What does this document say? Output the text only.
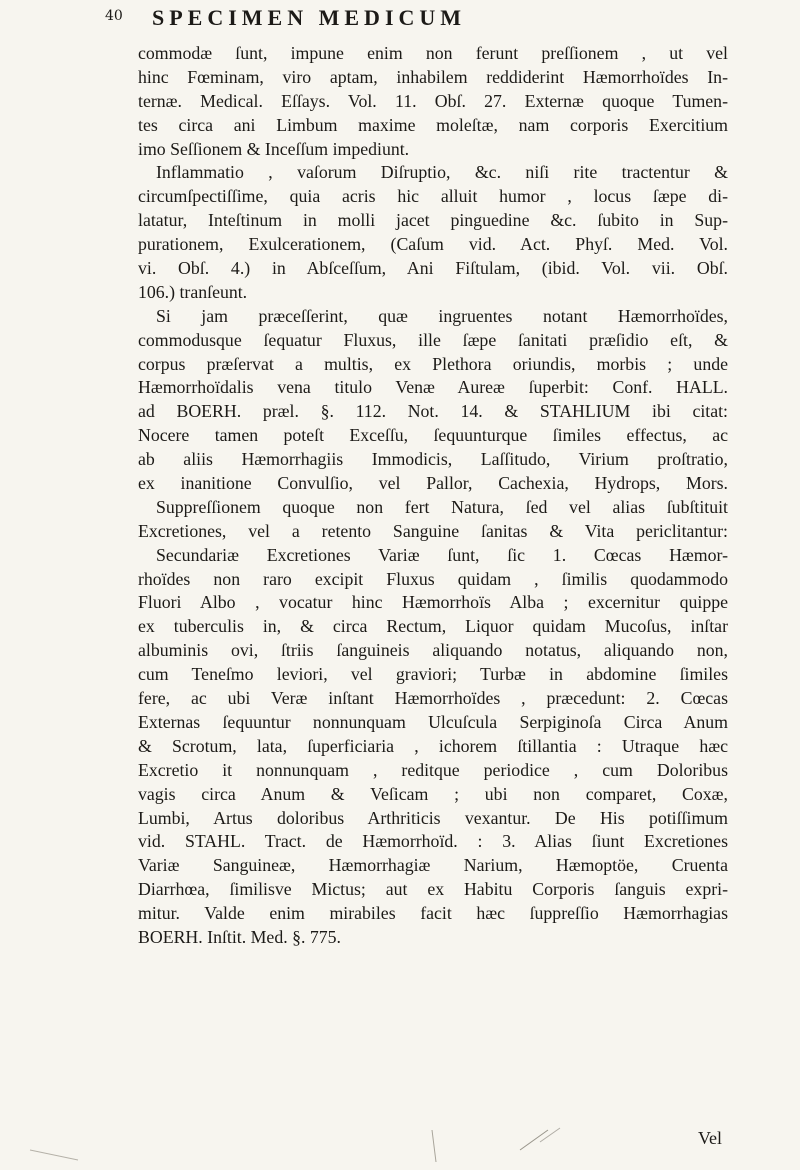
40 SPECIMEN MEDICUM
commodæ ſunt, impune enim non ferunt preſſionem , ut vel
hinc Fœminam, viro aptam, inhabilem reddiderint Hæmorrhoïdes In-
ternæ. Medical. Eſſays. Vol. 11. Obſ. 27. Externæ quoque Tumen-
tes circa ani Limbum maxime moleſtæ, nam corporis Exercitium
imo Seſſionem & Inceſſum impediunt.
Inflammatio , vaſorum Diſruptio, &c. niſi rite tractentur &
circumſpectiſſime, quia acris hic alluit humor , locus ſæpe di-
latatur, Inteſtinum in molli jacet pinguedine &c. ſubito in Sup-
purationem, Exulcerationem, (Caſum vid. Act. Phyſ. Med. Vol.
vi. Obſ. 4.) in Abſceſſum, Ani Fiſtulam, (ibid. Vol. vii. Obſ.
106.) tranſeunt.
Si jam præceſſerint, quæ ingruentes notant Hæmorrhoïdes,
commodusque ſequatur Fluxus, ille ſæpe ſanitati præſidio eſt, &
corpus præſervat a multis, ex Plethora oriundis, morbis ; unde
Hæmorrhoïdalis vena titulo Venæ Aureæ ſuperbit: Conf. HALL.
ad BOERH. præl. §. 112. Not. 14. & STAHLIUM ibi citat:
Nocere tamen poteſt Exceſſu, ſequunturque ſimiles effectus, ac
ab aliis Hæmorrhagiis Immodicis, Laſſitudo, Virium proſtratio,
ex inanitione Convulſio, vel Pallor, Cachexia, Hydrops, Mors.
Suppreſſionem quoque non fert Natura, ſed vel alias ſubſtituit
Excretiones, vel a retento Sanguine ſanitas & Vita periclitantur:
Secundariæ Excretiones Variæ ſunt, ſic 1. Cœcas Hæmor-
rhoïdes non raro excipit Fluxus quidam , ſimilis quodammodo
Fluori Albo , vocatur hinc Hæmorrhoïs Alba ; excernitur quippe
ex tuberculis in, & circa Rectum, Liquor quidam Mucoſus, inſtar
albuminis ovi, ſtriis ſanguineis aliquando notatus, aliquando non,
cum Teneſmo leviori, vel graviori; Turbæ in abdomine ſimiles
fere, ac ubi Veræ inſtant Hæmorrhoïdes , præcedunt: 2. Cœcas
Externas ſequuntur nonnunquam Ulcuſcula Serpiginoſa Circa Anum
& Scrotum, lata, ſuperficiaria , ichorem ſtillantia : Utraque hæc
Excretio it nonnunquam , reditque periodice , cum Doloribus
vagis circa Anum & Veſicam ; ubi non comparet, Coxæ,
Lumbi, Artus doloribus Arthriticis vexantur. De His potiſſimum
vid. STAHL. Tract. de Hæmorrhoïd. : 3. Alias ſiunt Excretiones
Variæ Sanguineæ, Hæmorrhagiæ Narium, Hæmoptöe, Cruenta
Diarrhœa, ſimilisve Mictus; aut ex Habitu Corporis ſanguis expri-
mitur. Valde enim mirabiles facit hæc ſuppreſſio Hæmorrhagias
BOERH. Inſtit. Med. §. 775.
Vel
